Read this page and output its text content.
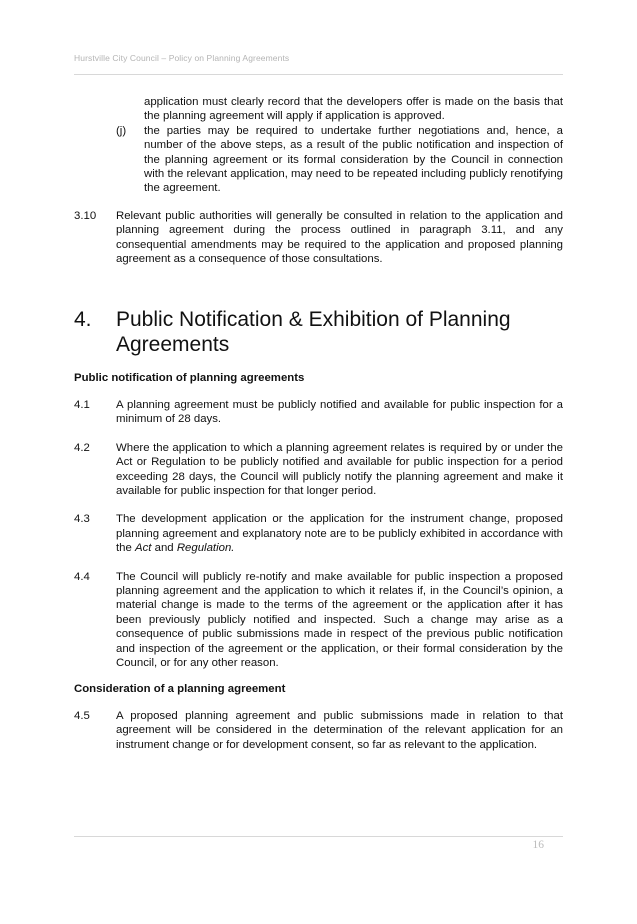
Hurstville City Council – Policy on Planning Agreements

application must clearly record that the developers offer is made on the basis that the planning agreement will apply if application is approved.

(j)	the parties may be required to undertake further negotiations and, hence, a number of the above steps, as a result of the public notification and inspection of the planning agreement or its formal consideration by the Council in connection with the relevant application, may need to be repeated including publicly renotifying the agreement.
3.10	Relevant public authorities will generally be consulted in relation to the application and planning agreement during the process outlined in paragraph 3.11, and any consequential amendments may be required to the application and proposed planning agreement as a consequence of those consultations.
4.	Public Notification & Exhibition of Planning Agreements
Public notification of planning agreements
4.1	A planning agreement must be publicly notified and available for public inspection for a minimum of 28 days.
4.2	Where the application to which a planning agreement relates is required by or under the Act or Regulation to be publicly notified and available for public inspection for a period exceeding 28 days, the Council will publicly notify the planning agreement and make it available for public inspection for that longer period.
4.3	The development application or the application for the instrument change, proposed planning agreement and explanatory note are to be publicly exhibited in accordance with the Act and Regulation.
4.4	The Council will publicly re-notify and make available for public inspection a proposed planning agreement and the application to which it relates if, in the Council’s opinion, a material change is made to the terms of the agreement or the application after it has been previously publicly notified and inspected. Such a change may arise as a consequence of public submissions made in respect of the previous public notification and inspection of the agreement or the application, or their formal consideration by the Council, or for any other reason.
Consideration of a planning agreement
4.5	A proposed planning agreement and public submissions made in relation to that agreement will be considered in the determination of the relevant application for an instrument change or for development consent, so far as relevant to the application.
16
